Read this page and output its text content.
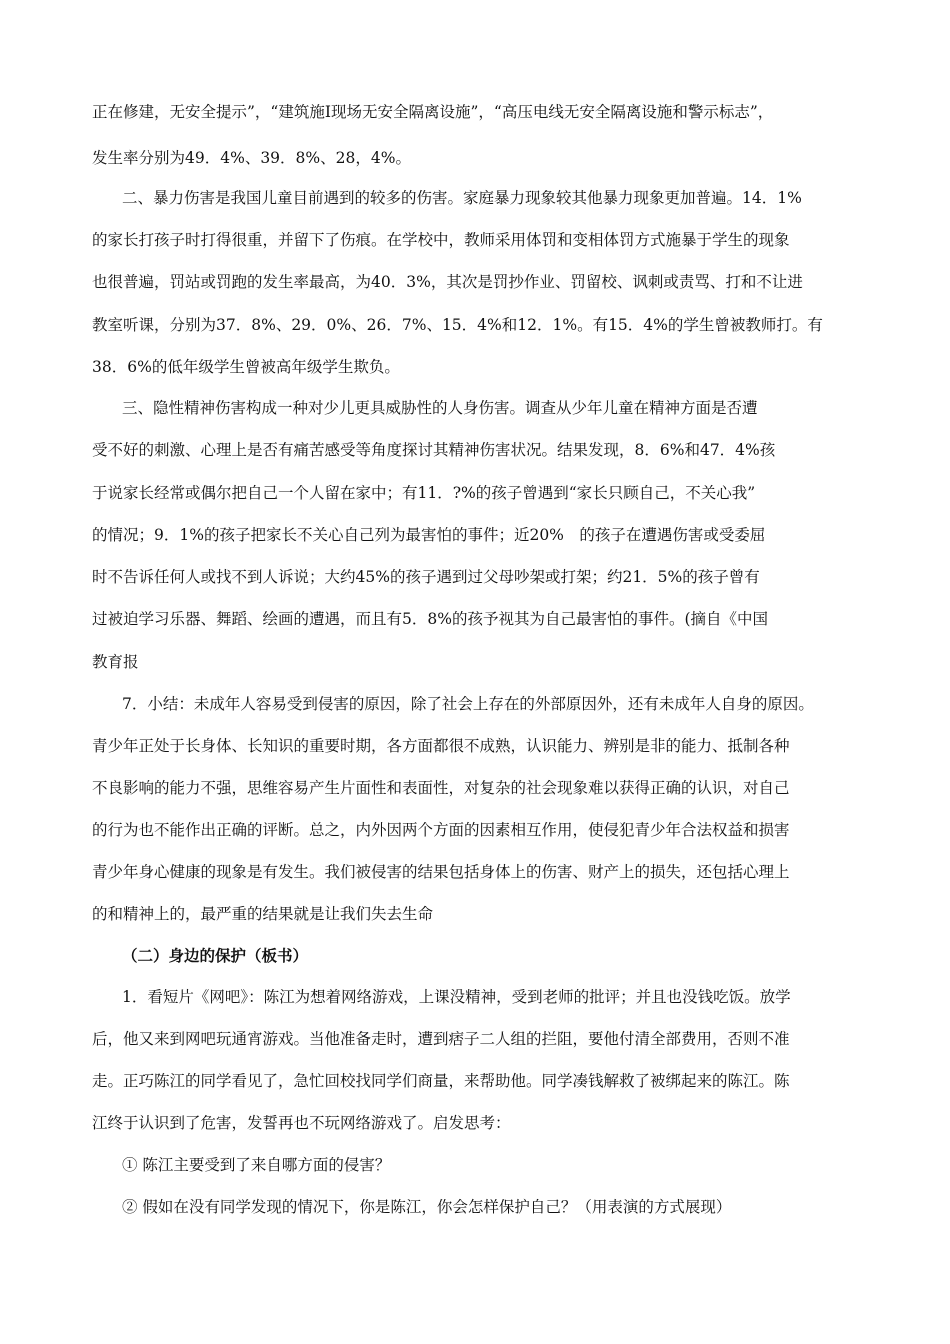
正在修建，无安全提示”，“建筑施Ⅰ现场无安全隔离设施”，“高压电线无安全隔离设施和警示标志”，
发生率分别为49．4%、39．8%、28，4%。
二、暴力伤害是我国儿童目前遇到的较多的伤害。家庭暴力现象较其他暴力现象更加普遍。14．1%
的家长打孩子时打得很重，并留下了伤痕。在学校中，教师采用体罚和变相体罚方式施暴于学生的现象
也很普遍，罚站或罚跑的发生率最高，为40．3%，其次是罚抄作业、罚留校、讽刺或责骂、打和不让进
教室听课，分别为37．8%、29．0%、26．7%、15．4%和12．1%。有15．4%的学生曾被教师打。有
38．6%的低年级学生曾被高年级学生欺负。
三、隐性精神伤害构成一种对少儿更具威胁性的人身伤害。调查从少年儿童在精神方面是否遭
受不好的刺激、心理上是否有痛苦感受等角度探讨其精神伤害状况。结果发现，8．6%和47．4%孩
于说家长经常或偶尔把自己一个人留在家中；有11．?%的孩子曾遇到“家长只顾自己，不关心我”
的情况；9．1%的孩子把家长不关心自己列为最害怕的事件；近20%　的孩子在遭遇伤害或受委屈
时不告诉任何人或找不到人诉说；大约45%的孩子遇到过父母吵架或打架；约21．5%的孩子曾有
过被迫学习乐器、舞蹈、绘画的遭遇，而且有5．8%的孩予视其为自己最害怕的事件。(摘自《中国
教育报
7．小结：未成年人容易受到侵害的原因，除了社会上存在的外部原因外，还有未成年人自身的原因。
青少年正处于长身体、长知识的重要时期，各方面都很不成熟，认识能力、辨别是非的能力、抵制各种
不良影响的能力不强，思维容易产生片面性和表面性，对复杂的社会现象难以获得正确的认识，对自己
的行为也不能作出正确的评断。总之，内外因两个方面的因素相互作用，使侵犯青少年合法权益和损害
青少年身心健康的现象是有发生。我们被侵害的结果包括身体上的伤害、财产上的损失，还包括心理上
的和精神上的，最严重的结果就是让我们失去生命
（二）身边的保护（板书）
1．看短片《网吧》：陈江为想着网络游戏，上课没精神，受到老师的批评；并且也没钱吃饭。放学
后，他又来到网吧玩通宵游戏。当他准备走时，遭到痞子二人组的拦阻，要他付清全部费用，否则不准
走。正巧陈江的同学看见了，急忙回校找同学们商量，来帮助他。同学凑钱解救了被绑起来的陈江。陈
江终于认识到了危害，发誓再也不玩网络游戏了。启发思考：
① 陈江主要受到了来自哪方面的侵害？
② 假如在没有同学发现的情况下，你是陈江，你会怎样保护自己？（用表演的方式展现）
